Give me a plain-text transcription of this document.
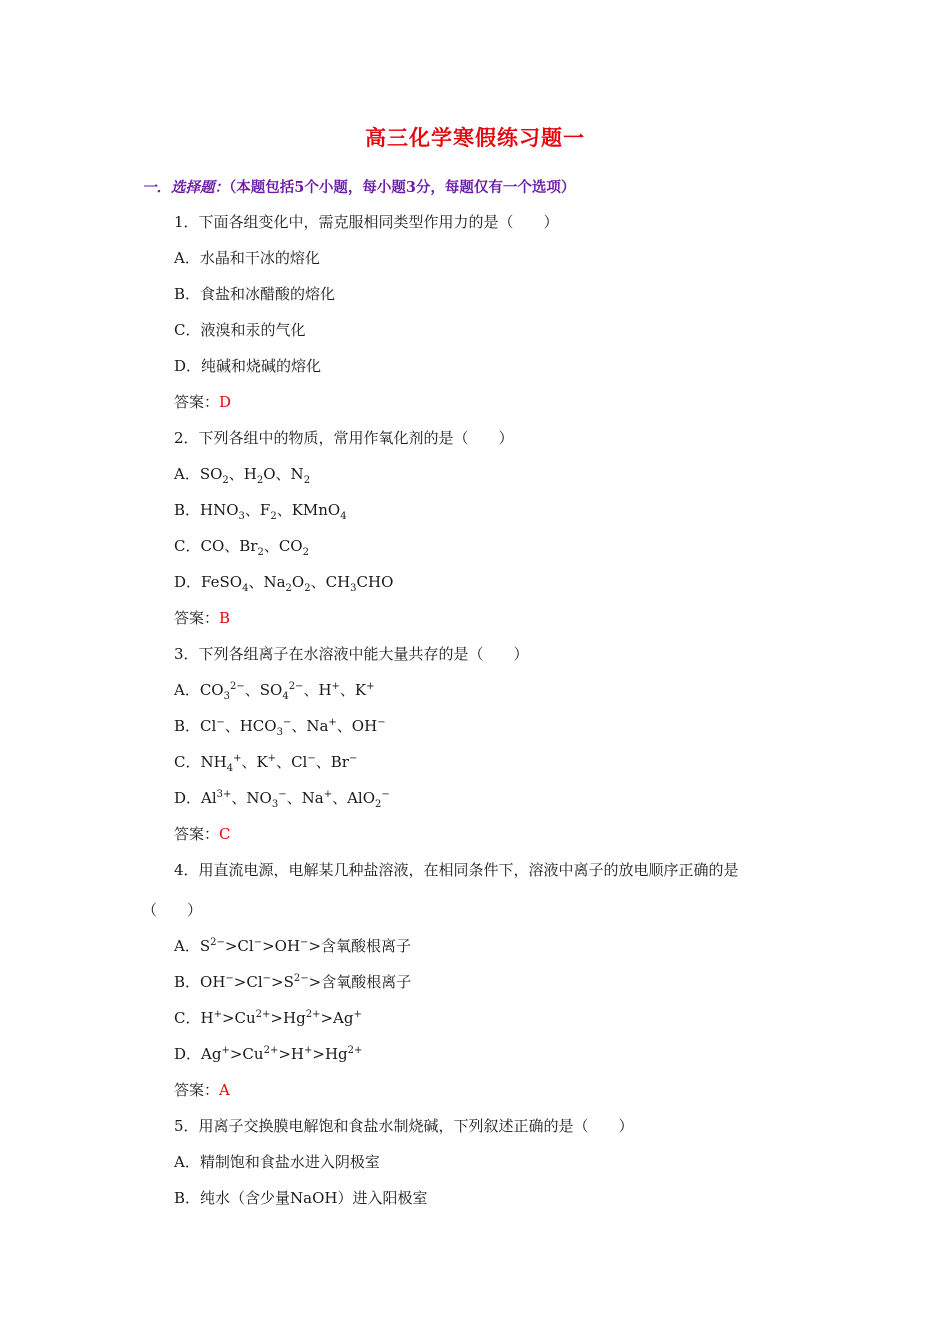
高三化学寒假练习题一
一．选择题：（本题包括5个小题，每小题3分，每题仅有一个选项）
1．下面各组变化中，需克服相同类型作用力的是（　　）
A．水晶和干冰的熔化
B．食盐和冰醋酸的熔化
C．液溴和汞的气化
D．纯碱和烧碱的熔化
答案：D
2．下列各组中的物质，常用作氧化剂的是（　　）
A．$SO_2$、$H_2O$、$N_2$
B．$HNO_3$、$F_2$、KMnO$_4$
C．CO、$Br_2$、$CO_2$
D．FeSO$_4$、$Na_2O_2$、$CH_3CHO$
答案：B
3．下列各组离子在水溶液中能大量共存的是（　　）
A．$CO_3^{2-}$、$SO_4^{2-}$、H+、K+
B．Cl−、$HCO_3^-$、Na+、OH−
C．$NH_4^+$、K+、Cl−、Br−
D．$Al^{3+}$、$NO_3^-$、Na+、AlO$_2$−
答案：C
4．用直流电源，电解某几种盐溶液，在相同条件下，溶液中离子的放电顺序正确的是
（　　）
A．$S^{2-}>Cl^->OH^->$含氧酸根离子
B．$OH^->Cl^->S^{2-}>$含氧酸根离子
C．$H^+>Cu^{2+}>Hg^{2+}>Ag^+$
D．$Ag^+>Cu^{2+}>H^+>Hg^{2+}$
答案：A
5．用离子交换膜电解饱和食盐水制烧碱，下列叙述正确的是（　　）
A．精制饱和食盐水进入阴极室
B．纯水（含少量NaOH）进入阳极室
